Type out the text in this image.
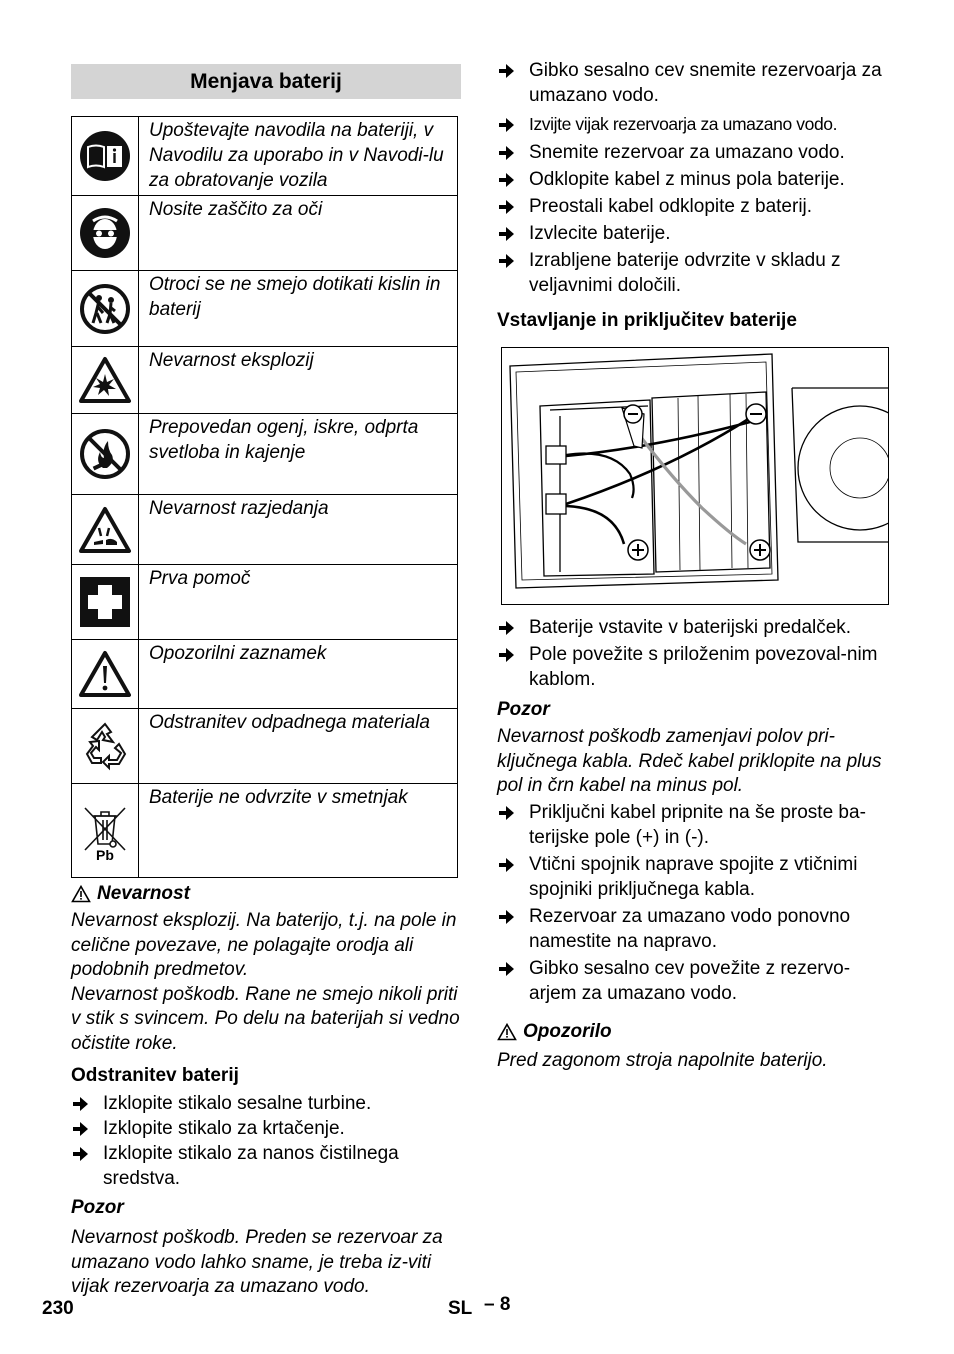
Menjava baterij
	Upoštevajte navodila na bateriji, v Navodilu za uporabo in v Navodi-lu za obratovanje vozila

	Nosite zaščito za oči

	Otroci se ne smejo dotikati kislin in baterij

	Nevarnost eksplozij

	Prepovedan ogenj, iskre, odprta svetloba in kajenje

	Nevarnost razjedanja

	Prva pomoč

	Opozorilni zaznamek

	Odstranitev odpadnega materiala

Pb	Baterije ne odvrzite v smetnjak
Nevarnost

Nevarnost eksplozij. Na baterijo, t.j. na pole in celične povezave, ne polagajte orodja ali podobnih predmetov.

Nevarnost poškodb. Rane ne smejo nikoli priti v stik s svincem. Po delu na baterijah si vedno očistite roke.

Odstranitev baterij
Izklopite stikalo sesalne turbine.
Izklopite stikalo za krtačenje.
Izklopite stikalo za nanos čistilnega sredstva.
Pozor

Nevarnost poškodb. Preden se rezervoar za umazano vodo lahko sname, je treba iz-viti vijak rezervoarja za umazano vodo.

Gibko sesalno cev snemite rezervoarja za umazano vodo.
Izvijte vijak rezervoarja za umazano vodo.
Snemite rezervoar za umazano vodo.
Odklopite kabel z minus pola baterije.
Preostali kabel odklopite z baterij.
Izvlecite baterije.
Izrabljene baterije odvrzite v skladu z veljavnimi določili.
Vstavljanje in priključitev baterije
Baterije vstavite v baterijski predalček.
Pole povežite s priloženim povezoval-nim kablom.
Pozor

Nevarnost poškodb zamenjavi polov pri-ključnega kabla. Rdeč kabel priklopite na plus pol in črn kabel na minus pol.

Priključni kabel pripnite na še proste ba-terijske pole (+) in (-).
Vtični spojnik naprave spojite z vtičnimi spojniki priključnega kabla.
Rezervoar za umazano vodo ponovno namestite na napravo.
Gibko sesalno cev povežite z rezervo-arjem za umazano vodo.
Opozorilo

Pred zagonom stroja napolnite baterijo.

230	SL – 8
